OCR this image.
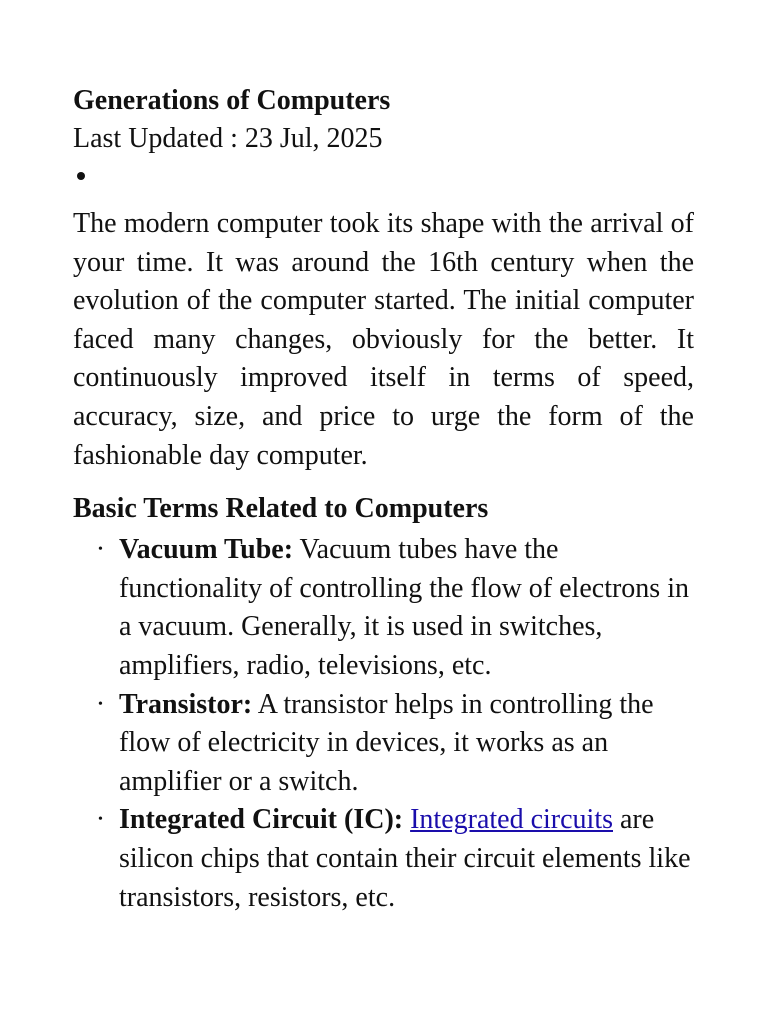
Generations of Computers

Last Updated : 23 Jul, 2025

•

The modern computer took its shape with the arrival of your time. It was around the 16th century when the evolution of the computer started. The initial computer faced many changes, obviously for the better. It continuously improved itself in terms of speed, accuracy, size, and price to urge the form of the fashionable day computer.

Basic Terms Related to Computers
• Vacuum Tube: Vacuum tubes have the functionality of controlling the flow of electrons in a vacuum. Generally, it is used in switches, amplifiers, radio, televisions, etc.
• Transistor: A transistor helps in controlling the flow of electricity in devices, it works as an amplifier or a switch.
• Integrated Circuit (IC): Integrated circuits are silicon chips that contain their circuit elements like transistors, resistors, etc.
